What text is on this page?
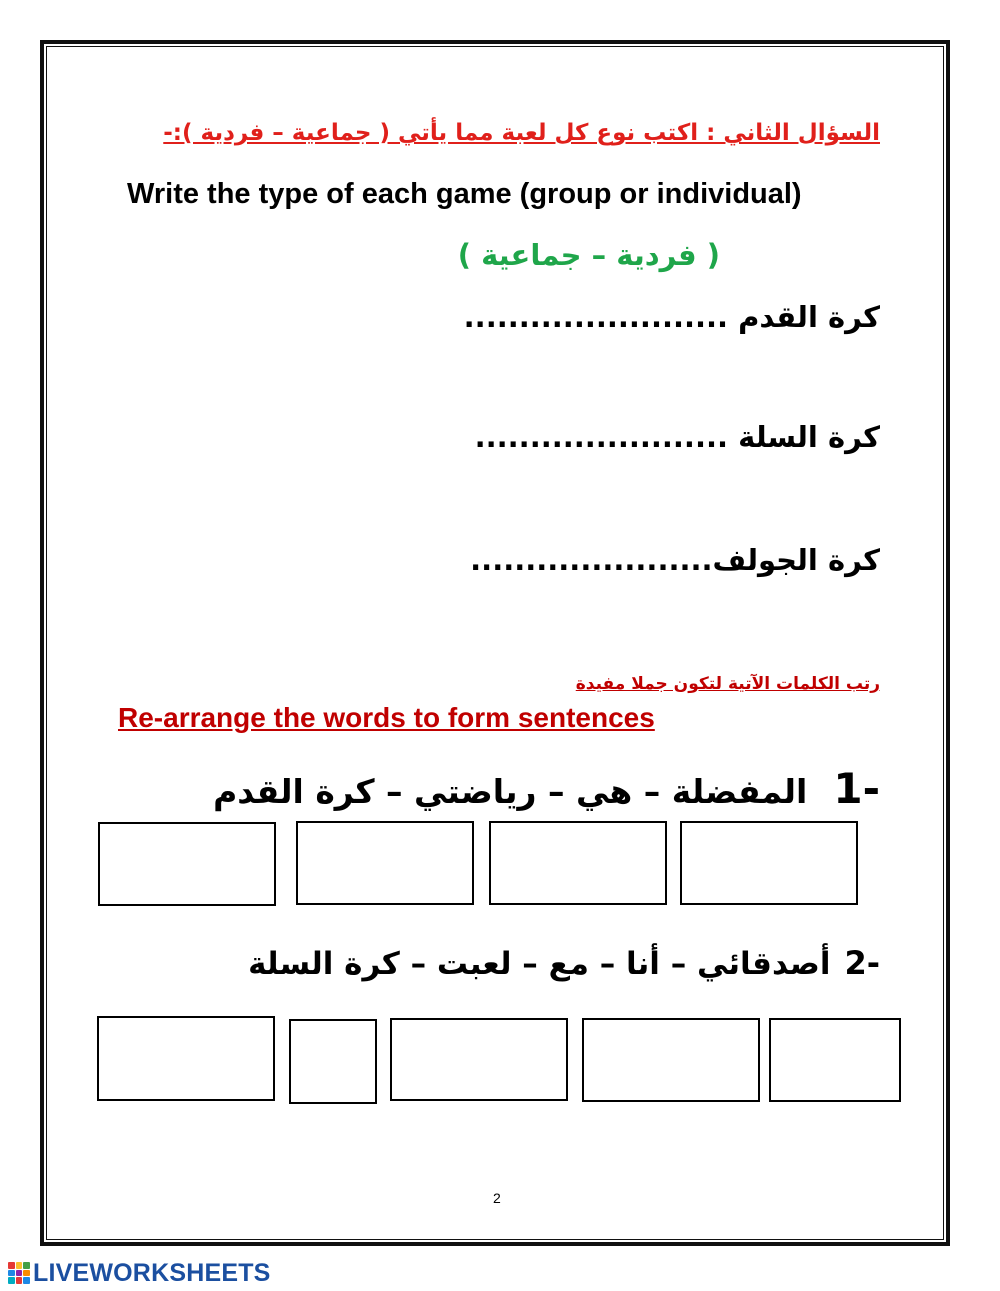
السؤال الثاني : اكتب نوع كل لعبة مما يأتي ( جماعية – فردية ):-
Write the type of each game (group or individual)
( فردية – جماعية )
كرة القدم ........................
كرة السلة .......................
كرة الجولف......................
رتب الكلمات الآتية لتكون جملا مفيدة
Re-arrange the words to form sentences
-1المفضلة – هي – رياضتي – كرة القدم
-2أصدقائي – أنا – مع – لعبت – كرة السلة
2
LIVEWORKSHEETS
